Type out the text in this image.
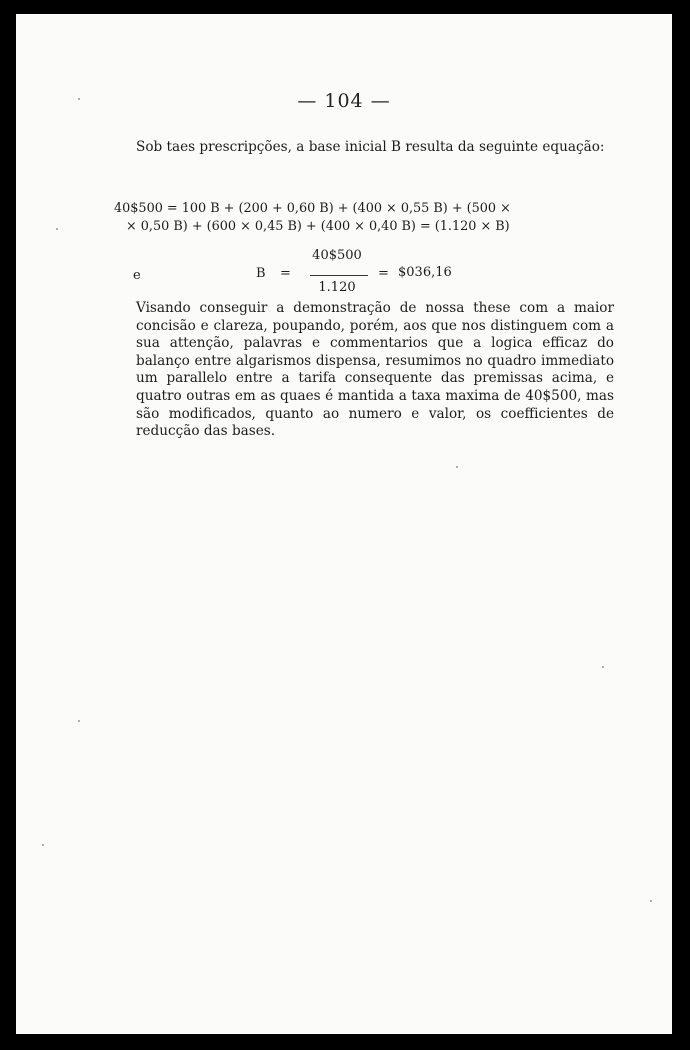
— 104 —
Sob taes prescripções, a base inicial B resulta da seguinte equação:
40$500 = 100 B + (200 + 0,60 B) + (400 × 0,55 B) + (500 ×
× 0,50 B) + (600 × 0,45 B) + (400 × 0,40 B) = (1.120 × B)
e	B =
40$500
1.120
= $036,16
Visando conseguir a demonstração de nossa these com a maior concisão e clareza, poupando, porém, aos que nos distinguem com a sua attenção, palavras e commentarios que a logica efficaz do balanço entre algarismos dispensa, resumimos no quadro immediato um parallelo entre a tarifa consequente das premissas acima, e quatro outras em as quaes é mantida a taxa maxima de 40$500, mas são modificados, quanto ao numero e valor, os coefficientes de reducção das bases.
